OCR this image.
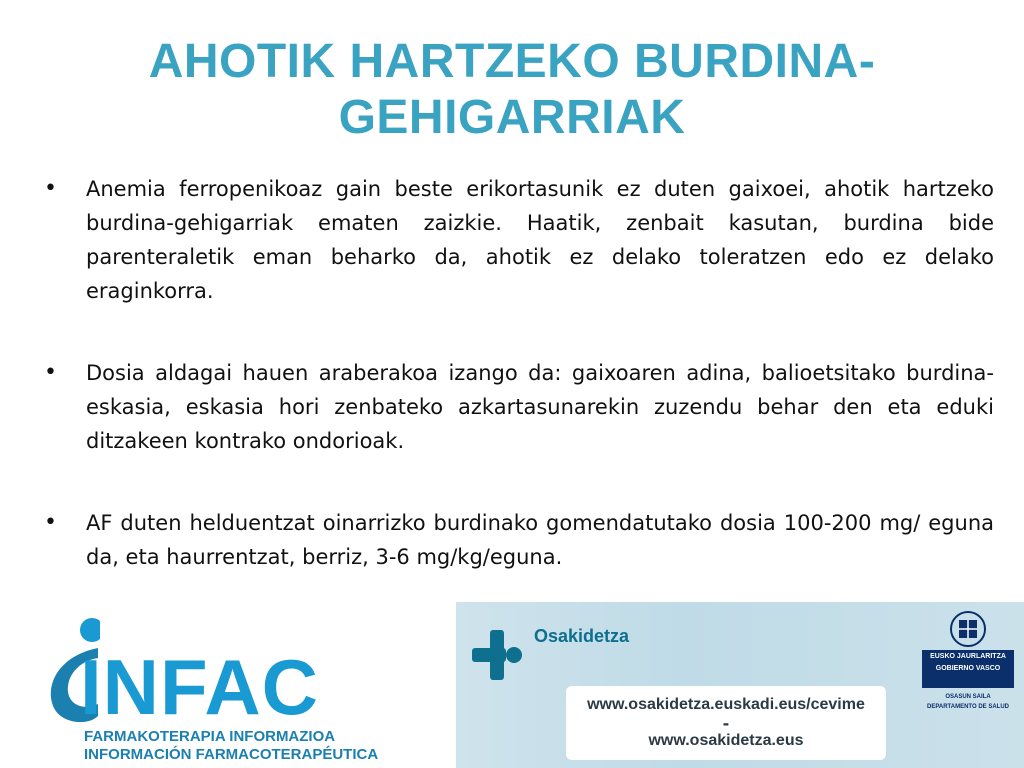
AHOTIK HARTZEKO BURDINA-GEHIGARRIAK
• Anemia ferropenikoaz gain beste erikortasunik ez duten gaixoei, ahotik hartzeko burdina-gehigarriak ematen zaizkie. Haatik, zenbait kasutan, burdina bide parenteraletik eman beharko da, ahotik ez delako toleratzen edo ez delako eraginkorra.
• Dosia aldagai hauen araberakoa izango da: gaixoaren adina, balioetsitako burdina-eskasia, eskasia hori zenbateko azkartasunarekin zuzendu behar den eta eduki ditzakeen kontrako ondorioak.
• AF duten helduentzat oinarrizko burdinako gomendatutako dosia 100-200 mg/ eguna da, eta haurrentzat, berriz, 3-6 mg/kg/eguna.
INFAC
FARMAKOTERAPIA INFORMAZIOA
INFORMACIÓN FARMACOTERAPÉUTICA
Osakidetza
www.osakidetza.euskadi.eus/cevime
-
www.osakidetza.eus
EUSKO JAURLARITZA
GOBIERNO VASCO
OSASUN SAILA
DEPARTAMENTO DE SALUD
